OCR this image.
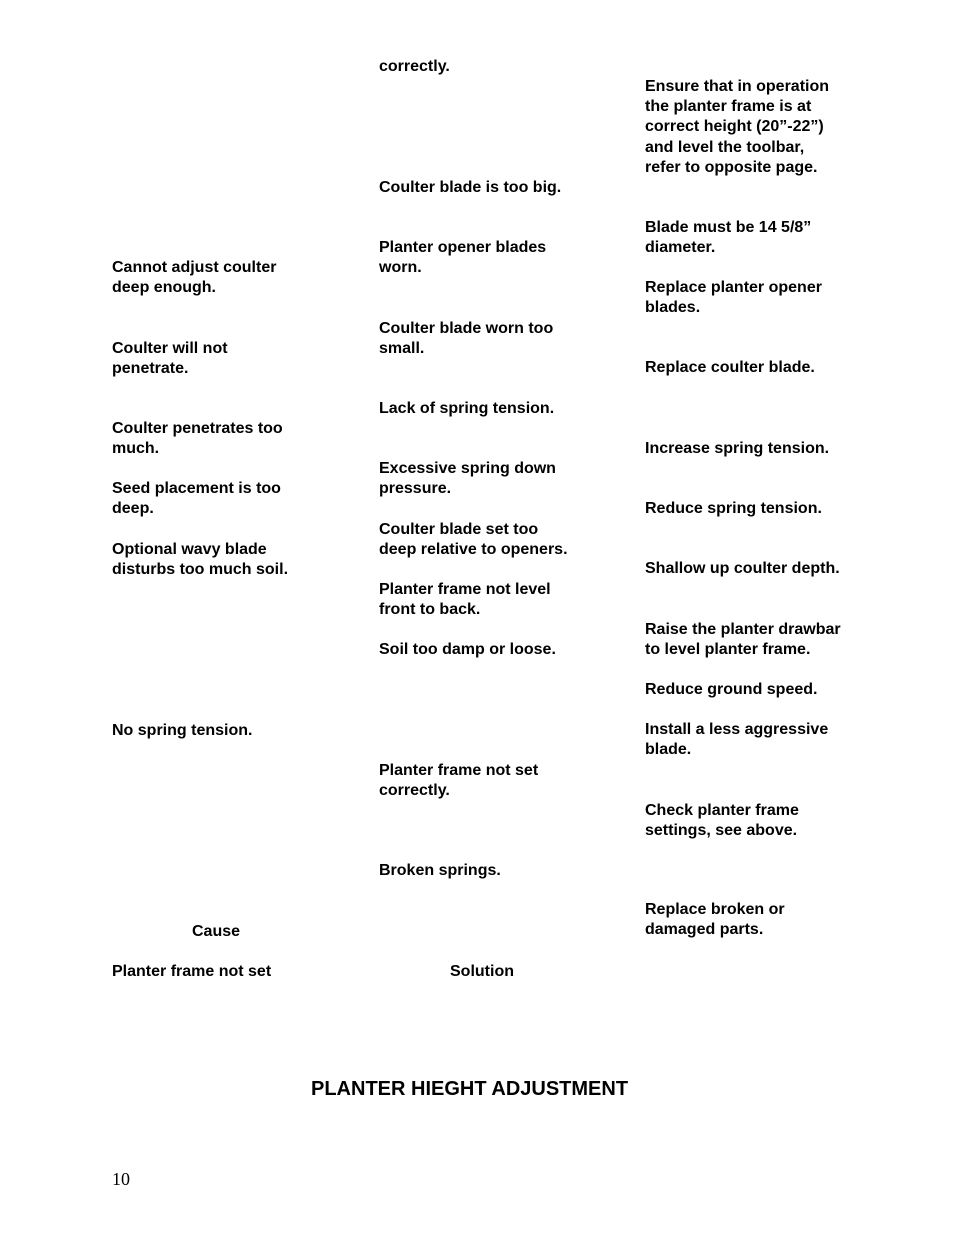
correctly.

Coulter blade is too big.

Planter opener blades

worn.

Coulter blade worn too

small.

Lack of spring tension.

Excessive spring down

pressure.

Coulter blade set too

deep relative to openers.

Planter frame not level

front to back.

Soil too damp or loose.

Planter frame not set

correctly.

Broken springs.

Ensure that in operation

the planter frame is at

correct height (20”-22”)

and level the toolbar,

refer to opposite page.

Blade must be 14 5/8”

diameter.

Replace planter opener

blades.

Replace coulter blade.

Increase spring tension.

Reduce spring tension.

Shallow up coulter depth.

Raise the planter drawbar

to level planter frame.

Reduce ground speed.

Install a less aggressive

blade.

Check planter frame

settings, see above.

Replace broken or

damaged parts.

Cannot adjust coulter

deep enough.

Coulter will not

penetrate.

Coulter penetrates too

much.

Seed placement is too

deep.

Optional wavy blade

disturbs too much soil.

No spring tension.

Cause

Planter frame not set	Solution

PLANTER HIEGHT ADJUSTMENT
10
